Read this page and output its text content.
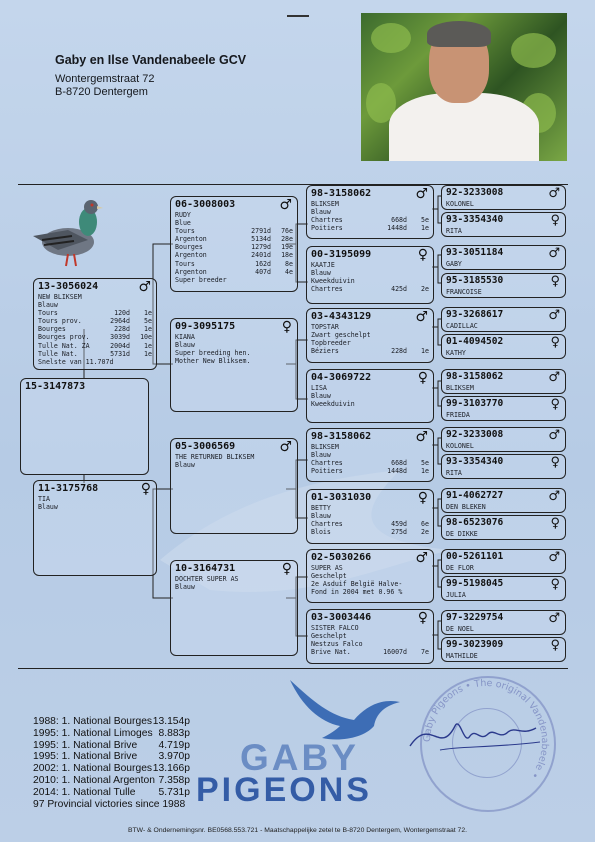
Gaby en Ilse Vandenabeele GCV
Wontergemstraat 72
B-8720 Dentergem
15-3147873
13-3056024	♂
NEW BLIKSEM
Blauw
Tours	120d	1e
Tours prov.	2964d	5e
Bourges	228d	1e
Bourges prov.	3039d	10e
Tulle Nat. ZA	2004d	1e
Tulle Nat.	5731d	1e
Snelste van 11.707d
11-3175768	♀
TIA
Blauw
06-3008003	♂
RUDY
Blue
Tours	2791d	76e
Argenton	5134d	28e
Bourges	1279d	19e
Argenton	2401d	18e
Tours	162d	8e
Argenton	407d	4e
Super breeder
09-3095175	♀
KIANA
Blauw
Super breeding hen.
Mother New Bliksem.
05-3006569	♂
THE RETURNED BLIKSEM
Blauw
10-3164731	♀
DOCHTER SUPER AS
Blauw
98-3158062	♂
BLIKSEM
Blauw
Chartres	668d	5e
Poitiers	1448d	1e
00-3195099	♀
KAATJE
Blauw
Kweekduivin
Chartres	425d	2e
03-4343129	♂
TOPSTAR
Zwart geschelpt
Topbreeder
Béziers	228d	1e
04-3069722	♀
LISA
Blauw
Kweekduivin
98-3158062	♂
BLIKSEM
Blauw
Chartres	668d	5e
Poitiers	1448d	1e
01-3031030	♀
BETTY
Blauw
Chartres	459d	6e
Blois	275d	2e
02-5030266	♂
SUPER AS
Geschelpt
2e Asduif België Halve-
Fond in 2004 met 0.96 %
03-3003446	♀
SISTER FALCO
Geschelpt
Nestzus Falco
Brive Nat.	16007d	7e
92-3233008	♂
KOLONEL
93-3354340	♀
RITA
93-3051184	♂
GABY
95-3185530	♀
FRANCOISE
93-3268617	♂
CADILLAC
01-4094502	♀
KATHY
98-3158062	♂
BLIKSEM
99-3103770	♀
FRIEDA
92-3233008	♂
KOLONEL
93-3354340	♀
RITA
91-4062727	♂
DEN BLEKEN
98-6523076	♀
DE DIKKE
00-5261101	♂
DE FLOR
99-5198045	♀
JULIA
97-3229754	♂
DE NOEL
99-3023909	♀
MATHILDE
1988: 1. National Bourges 13.154p
1995: 1. National Limoges 8.883p
1995: 1. National Brive	4.719p
1995: 1. National Brive	3.970p
2002: 1. National Bourges 13.166p
2010: 1. National Argenton 7.358p
2014: 1. National Tulle	5.731p
97 Provincial victories since 1988
GABY
PIGEONS
Gaby Pigeons • The original Vandenabeele •
BTW- & Ondernemingsnr. BE0568.553.721 - Maatschappelijke zetel te B-8720 Dentergem, Wontergemstraat 72.
